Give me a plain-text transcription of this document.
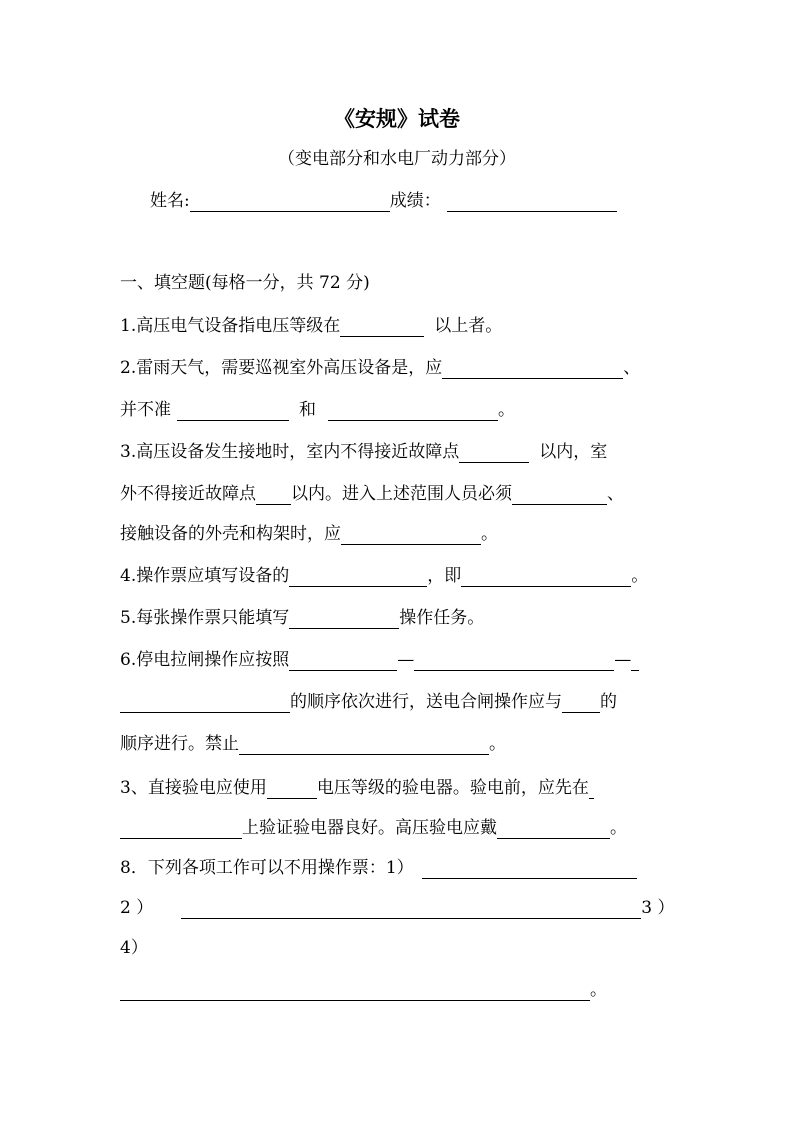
《安规》试卷
（变电部分和水电厂动力部分）
姓名:	成绩：
一、填空题(每格一分，共 72 分)
1.高压电气设备指电压等级在	以上者。
2.雷雨天气，需要巡视室外高压设备是，应	、
并不准	和	。
3.高压设备发生接地时，室内不得接近故障点	以内，室
外不得接近故障点 以内。进入上述范围人员必须	、
接触设备的外壳和构架时，应	。
4.操作票应填写设备的	，即	。
5.每张操作票只能填写	操作任务。
6.停电拉闸操作应按照	—	—
的顺序依次进行，送电合闸操作应与 的
顺序进行。禁止	。
3、直接验电应使用	电压等级的验电器。验电前，应先在
上验证验电器良好。高压验电应戴	。
8．下列各项工作可以不用操作票：1）
2 ）	3 ）
4）
。
